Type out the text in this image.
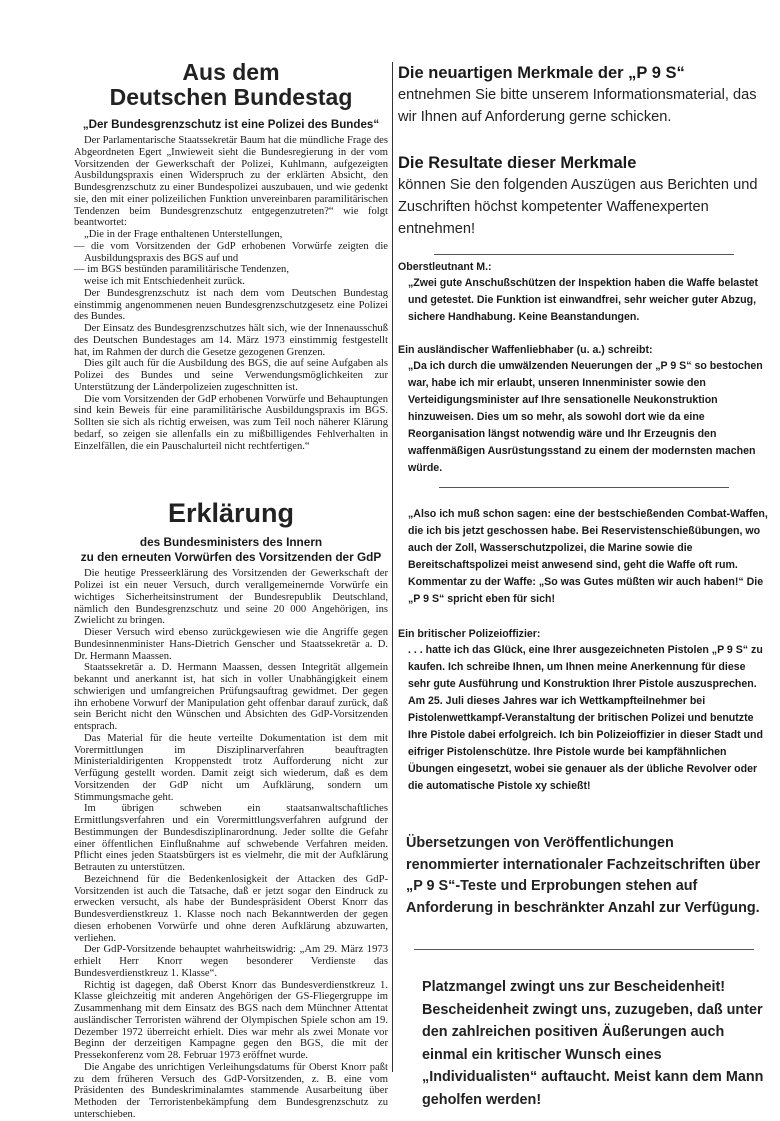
Aus dem
Deutschen Bundestag
„Der Bundesgrenzschutz ist eine Polizei des Bundes“

Der Parlamentarische Staatssekretär Baum hat die mündliche Frage des Abgeordneten Egert „Inwieweit sieht die Bundesregierung in der vom Vorsitzenden der Gewerkschaft der Polizei, Kuhlmann, aufgezeigten Ausbildungspraxis einen Widerspruch zu der erklärten Absicht, den Bundesgrenzschutz zu einer Bundespolizei auszubauen, und wie gedenkt sie, den mit einer polizeilichen Funktion unvereinbaren paramilitärischen Tendenzen beim Bundesgrenzschutz entgegenzutreten?“ wie folgt beantwortet:

„Die in der Frage enthaltenen Unterstellungen,

— die vom Vorsitzenden der GdP erhobenen Vorwürfe zeigten die Ausbildungspraxis des BGS auf und

— im BGS bestünden paramilitärische Tendenzen,

weise ich mit Entschiedenheit zurück.

Der Bundesgrenzschutz ist nach dem vom Deutschen Bundestag einstimmig angenommenen neuen Bundesgrenzschutzgesetz eine Polizei des Bundes.

Der Einsatz des Bundesgrenzschutzes hält sich, wie der Innenausschuß des Deutschen Bundestages am 14. März 1973 einstimmig festgestellt hat, im Rahmen der durch die Gesetze gezogenen Grenzen.

Dies gilt auch für die Ausbildung des BGS, die auf seine Aufgaben als Polizei des Bundes und seine Verwendungsmöglichkeiten zur Unterstützung der Länderpolizeien zugeschnitten ist.

Die vom Vorsitzenden der GdP erhobenen Vorwürfe und Behauptungen sind kein Beweis für eine paramilitärische Ausbildungspraxis im BGS. Sollten sie sich als richtig erweisen, was zum Teil noch näherer Klärung bedarf, so zeigen sie allenfalls ein zu mißbilligendes Fehlverhalten in Einzelfällen, die ein Pauschalurteil nicht rechtfertigen.“

Erklärung
des Bundesministers des Innern
zu den erneuten Vorwürfen des Vorsitzenden der GdP

Die heutige Presseerklärung des Vorsitzenden der Gewerkschaft der Polizei ist ein neuer Versuch, durch verallgemeinernde Vorwürfe ein wichtiges Sicherheitsinstrument der Bundesrepublik Deutschland, nämlich den Bundesgrenzschutz und seine 20 000 Angehörigen, ins Zwielicht zu bringen.

Dieser Versuch wird ebenso zurückgewiesen wie die Angriffe gegen Bundesinnenminister Hans-Dietrich Genscher und Staatssekretär a. D. Dr. Hermann Maassen.

Staatssekretär a. D. Hermann Maassen, dessen Integrität allgemein bekannt und anerkannt ist, hat sich in voller Unabhängigkeit einem schwierigen und umfangreichen Prüfungsauftrag gewidmet. Der gegen ihn erhobene Vorwurf der Manipulation geht offenbar darauf zurück, daß sein Bericht nicht den Wünschen und Absichten des GdP-Vorsitzenden entsprach.

Das Material für die heute verteilte Dokumentation ist dem mit Vorermittlungen im Disziplinarverfahren beauftragten Ministerialdirigenten Kroppenstedt trotz Aufforderung nicht zur Verfügung gestellt worden. Damit zeigt sich wiederum, daß es dem Vorsitzenden der GdP nicht um Aufklärung, sondern um Stimmungsmache geht.

Im übrigen schweben ein staatsanwaltschaftliches Ermittlungsverfahren und ein Vorermittlungsverfahren aufgrund der Bestimmungen der Bundesdisziplinarordnung. Jeder sollte die Gefahr einer öffentlichen Einflußnahme auf schwebende Verfahren meiden. Pflicht eines jeden Staatsbürgers ist es vielmehr, die mit der Aufklärung Betrauten zu unterstützen.

Bezeichnend für die Bedenkenlosigkeit der Attacken des GdP-Vorsitzenden ist auch die Tatsache, daß er jetzt sogar den Eindruck zu erwecken versucht, als habe der Bundespräsident Oberst Knorr das Bundesverdienstkreuz 1. Klasse noch nach Bekanntwerden der gegen diesen erhobenen Vorwürfe und ohne deren Aufklärung abzuwarten, verliehen.

Der GdP-Vorsitzende behauptet wahrheitswidrig: „Am 29. März 1973 erhielt Herr Knorr wegen besonderer Verdienste das Bundesverdienstkreuz 1. Klasse“.

Richtig ist dagegen, daß Oberst Knorr das Bundesverdienstkreuz 1. Klasse gleichzeitig mit anderen Angehörigen der GS-Fliegergruppe im Zusammenhang mit dem Einsatz des BGS nach dem Münchner Attentat ausländischer Terroristen während der Olympischen Spiele schon am 19. Dezember 1972 überreicht erhielt. Dies war mehr als zwei Monate vor Beginn der derzeitigen Kampagne gegen den BGS, die mit der Pressekonferenz vom 28. Februar 1973 eröffnet wurde.

Die Angabe des unrichtigen Verleihungsdatums für Oberst Knorr paßt zu dem früheren Versuch des GdP-Vorsitzenden, z. B. eine vom Präsidenten des Bundeskriminalamtes stammende Ausarbeitung über Methoden der Terroristenbekämpfung dem Bundesgrenzschutz zu unterschieben.

Die neuartigen Merkmale der „P 9 S“

entnehmen Sie bitte unserem Informationsmaterial, das wir Ihnen auf Anforderung gerne schicken.

Die Resultate dieser Merkmale

können Sie den folgenden Auszügen aus Berichten und Zuschriften höchst kompetenter Waffenexperten entnehmen!

Oberstleutnant M.:

„Zwei gute Anschußschützen der Inspektion haben die Waffe belastet und getestet. Die Funktion ist einwandfrei, sehr weicher guter Abzug, sichere Handhabung. Keine Beanstandungen.

Ein ausländischer Waffenliebhaber (u. a.) schreibt:

„Da ich durch die umwälzenden Neuerungen der „P 9 S“ so bestochen war, habe ich mir erlaubt, unseren Innenminister sowie den Verteidigungsminister auf Ihre sensationelle Neukonstruktion hinzuweisen. Dies um so mehr, als sowohl dort wie da eine Reorganisation längst notwendig wäre und Ihr Erzeugnis den waffenmäßigen Ausrüstungsstand zu einem der modernsten machen würde.

„Also ich muß schon sagen: eine der bestschießenden Combat-Waffen, die ich bis jetzt geschossen habe. Bei Reservistenschießübungen, wo auch der Zoll, Wasserschutzpolizei, die Marine sowie die Bereitschaftspolizei meist anwesend sind, geht die Waffe oft rum. Kommentar zu der Waffe: „So was Gutes müßten wir auch haben!“ Die „P 9 S“ spricht eben für sich!

Ein britischer Polizeioffizier:

. . . hatte ich das Glück, eine Ihrer ausgezeichneten Pistolen „P 9 S“ zu kaufen. Ich schreibe Ihnen, um Ihnen meine Anerkennung für diese sehr gute Ausführung und Konstruktion Ihrer Pistole auszusprechen.

Am 25. Juli dieses Jahres war ich Wettkampfteilnehmer bei Pistolenwettkampf-Veranstaltung der britischen Polizei und benutzte Ihre Pistole dabei erfolgreich. Ich bin Polizeioffizier in dieser Stadt und eifriger Pistolenschütze. Ihre Pistole wurde bei kampfähnlichen Übungen eingesetzt, wobei sie genauer als der übliche Revolver oder die automatische Pistole xy schießt!

Übersetzungen von Veröffentlichungen renommierter internationaler Fachzeitschriften über „P 9 S“-Teste und Erprobungen stehen auf Anforderung in beschränkter Anzahl zur Verfügung.

Platzmangel zwingt uns zur Bescheidenheit! Bescheidenheit zwingt uns, zuzugeben, daß unter den zahlreichen positiven Äußerungen auch einmal ein kritischer Wunsch eines „Individualisten“ auftaucht. Meist kann dem Mann geholfen werden!
